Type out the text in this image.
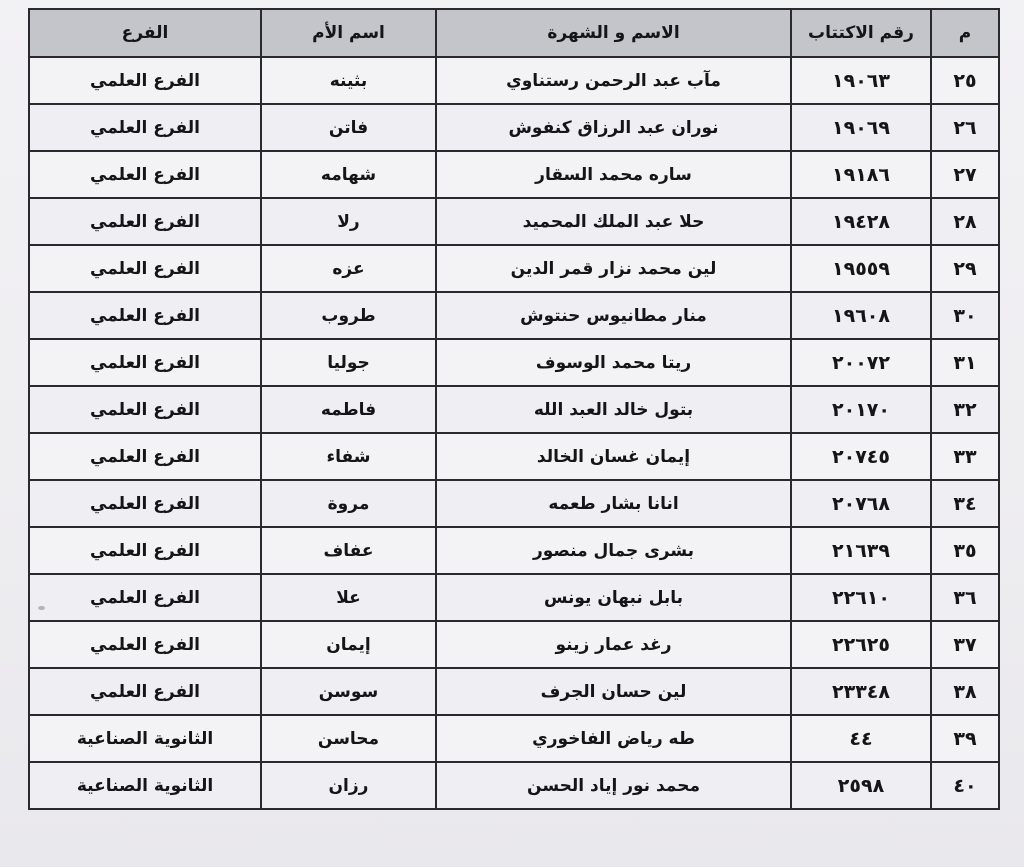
م	رقم الاكتتاب	الاسم و الشهرة	اسم الأم	الفرع
٢٥	١٩٠٦٣	مآب عبد الرحمن رستناوي	بثينه	الفرع العلمي
٢٦	١٩٠٦٩	نوران عبد الرزاق كنفوش	فاتن	الفرع العلمي
٢٧	١٩١٨٦	ساره محمد السقار	شهامه	الفرع العلمي
٢٨	١٩٤٢٨	حلا عبد الملك المحميد	رلا	الفرع العلمي
٢٩	١٩٥٥٩	لين محمد نزار قمر الدين	عزه	الفرع العلمي
٣٠	١٩٦٠٨	منار مطانيوس حنتوش	طروب	الفرع العلمي
٣١	٢٠٠٧٢	ريتا محمد الوسوف	جوليا	الفرع العلمي
٣٢	٢٠١٧٠	بتول خالد العبد الله	فاطمه	الفرع العلمي
٣٣	٢٠٧٤٥	إيمان غسان الخالد	شفاء	الفرع العلمي
٣٤	٢٠٧٦٨	انانا بشار طعمه	مروة	الفرع العلمي
٣٥	٢١٦٣٩	بشرى جمال منصور	عفاف	الفرع العلمي
٣٦	٢٢٦١٠	بابل نبهان يونس	علا	الفرع العلمي
٣٧	٢٢٦٢٥	رغد عمار زينو	إيمان	الفرع العلمي
٣٨	٢٣٣٤٨	لين حسان الجرف	سوسن	الفرع العلمي
٣٩	٤٤	طه رياض الفاخوري	محاسن	الثانوية الصناعية
٤٠	٢٥٩٨	محمد نور إياد الحسن	رزان	الثانوية الصناعية
